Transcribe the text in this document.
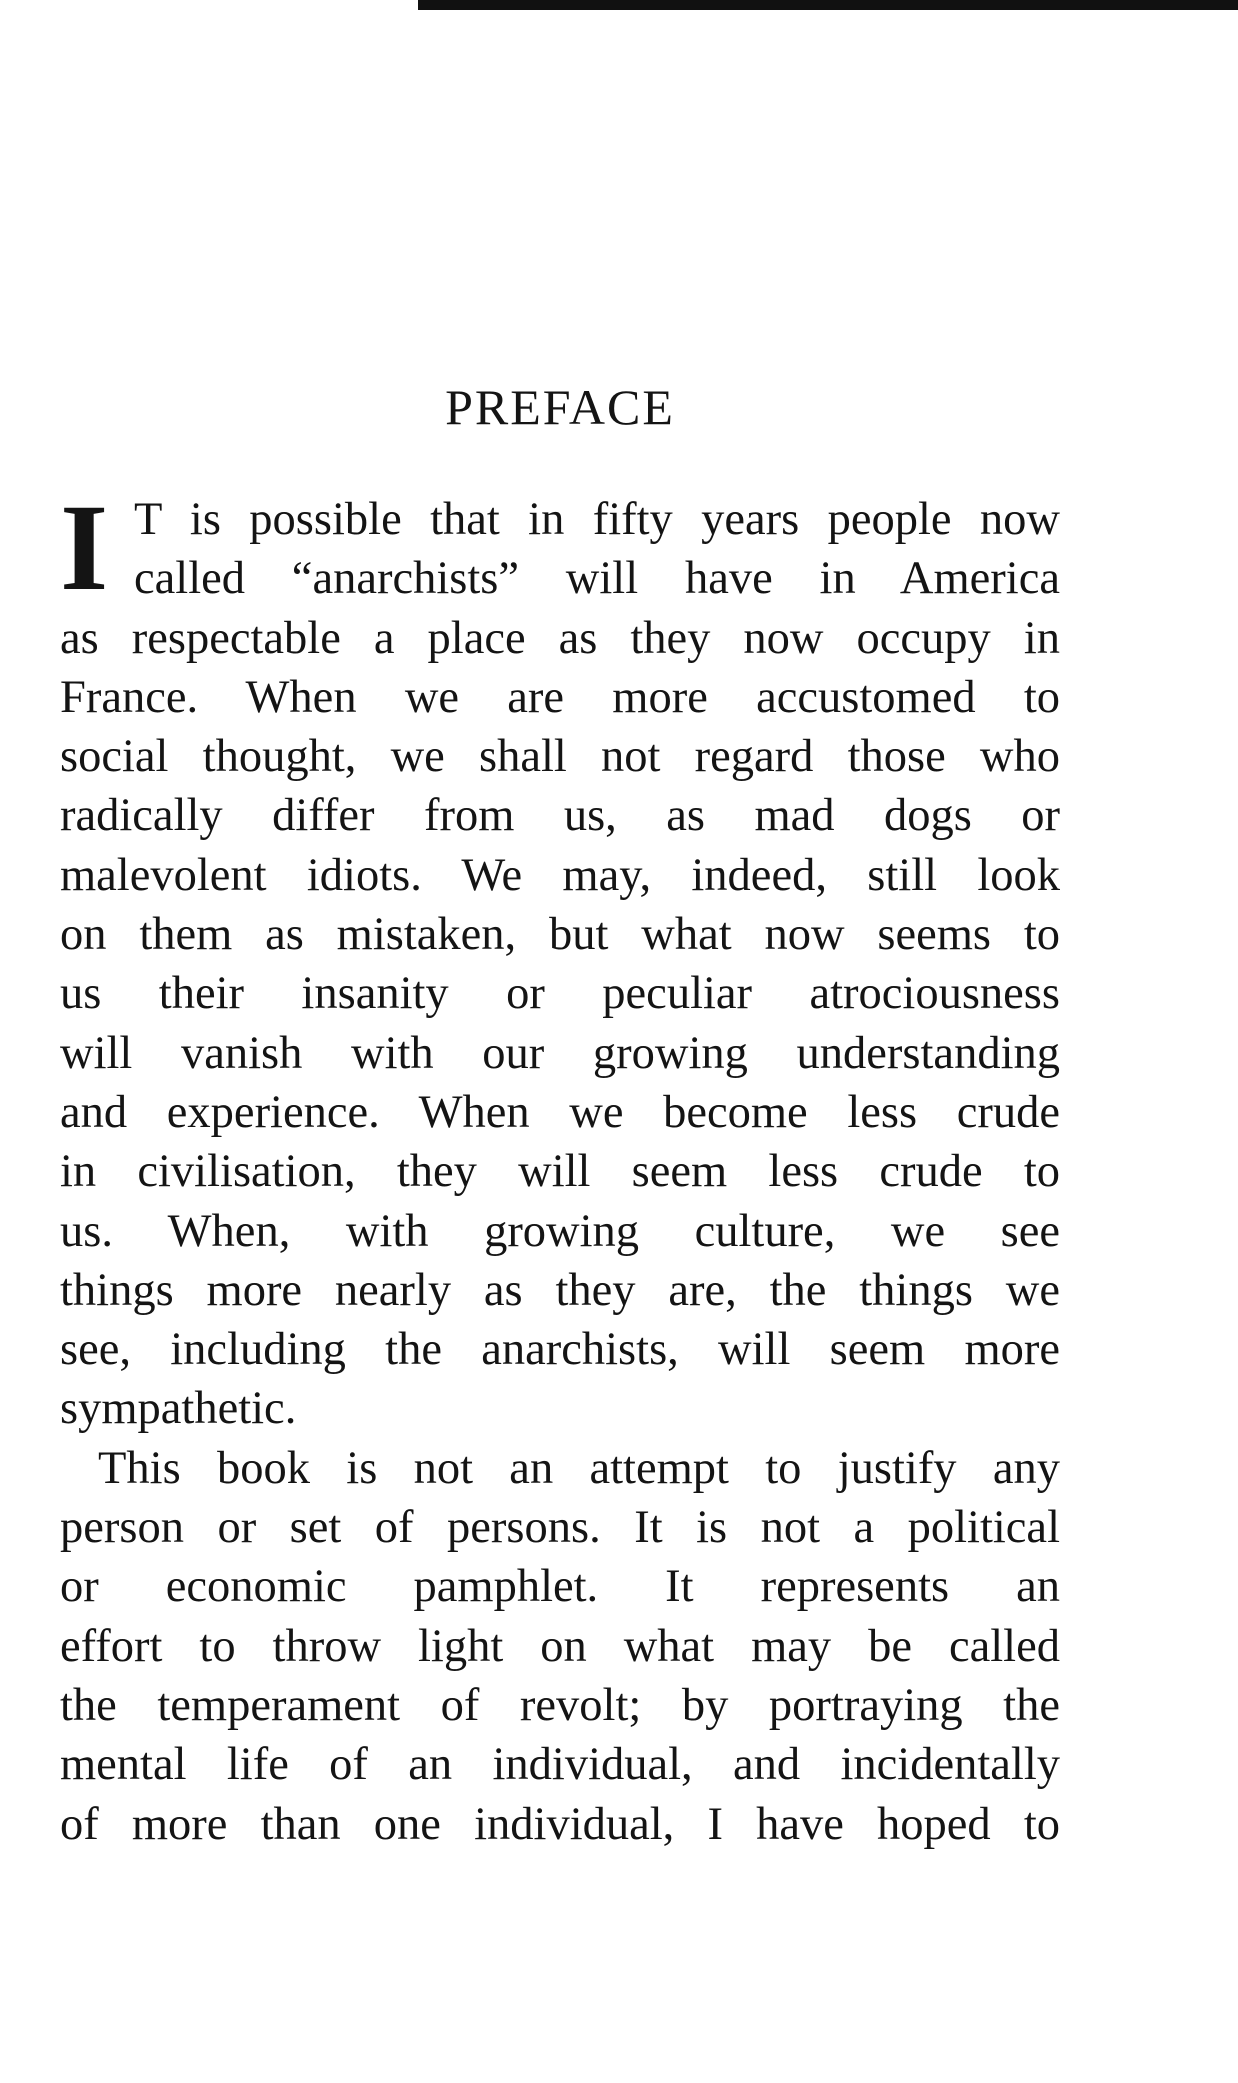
PREFACE
I T is possible that in fifty years people now
called “anarchists” will have in America
as respectable a place as they now occupy in
France. When we are more accustomed to
social thought, we shall not regard those who
radically differ from us, as mad dogs or
malevolent idiots. We may, indeed, still look
on them as mistaken, but what now seems to
us their insanity or peculiar atrociousness
will vanish with our growing understanding
and experience. When we become less crude
in civilisation, they will seem less crude to
us. When, with growing culture, we see
things more nearly as they are, the things we
see, including the anarchists, will seem more
sympathetic.
This book is not an attempt to justify any
person or set of persons. It is not a political
or economic pamphlet. It represents an
effort to throw light on what may be called
the temperament of revolt; by portraying the
mental life of an individual, and incidentally
of more than one individual, I have hoped to
